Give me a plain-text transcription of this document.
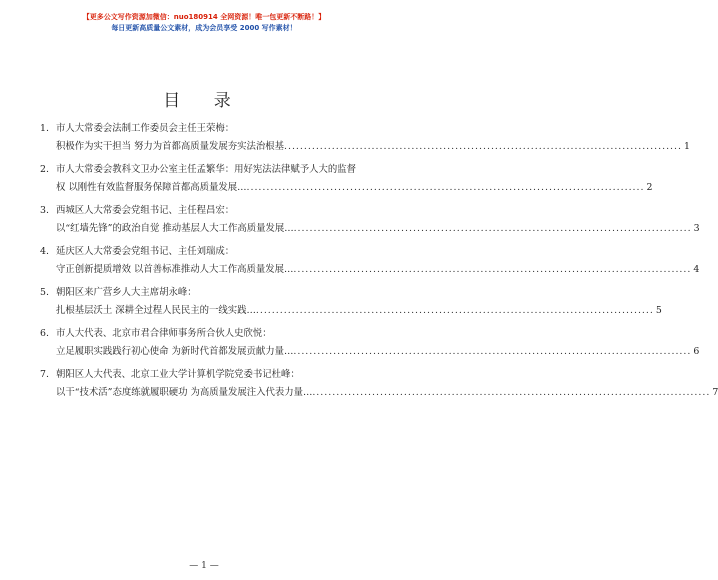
【更多公文写作资源加微信：nuo180914 全网资源！唯一包更新不断路！】
每日更新高质量公文素材，成为会员享受 2000 写作素材！
目 录
1. 市人大常委会法制工作委员会主任王荣梅：
积极作为实干担当 努力为首都高质量发展夯实法治根基 .................................................................................................... 1
2. 市人大常委会教科文卫办公室主任孟繁华：用好宪法法律赋予人大的监督
权 以刚性有效监督服务保障首都高质量发展… .................................................................................................... 2
3. 西城区人大常委会党组书记、主任程昌宏：
以“红墙先锋”的政治自觉 推动基层人大工作高质量发展… .................................................................................................... 3
4. 延庆区人大常委会党组书记、主任刘瑞成：
守正创新提质增效 以首善标准推动人大工作高质量发展… .................................................................................................... 4
5. 朝阳区来广营乡人大主席胡永峰：
扎根基层沃土 深耕全过程人民民主的一线实践… .................................................................................................... 5
6. 市人大代表、北京市君合律师事务所合伙人史欣悦：
立足履职实践践行初心使命 为新时代首都发展贡献力量… .................................................................................................... 6
7. 朝阳区人大代表、北京工业大学计算机学院党委书记杜峰：
以干“技术活”态度练就履职硬功 为高质量发展注入代表力量… .................................................................................................... 7
— 1 —
